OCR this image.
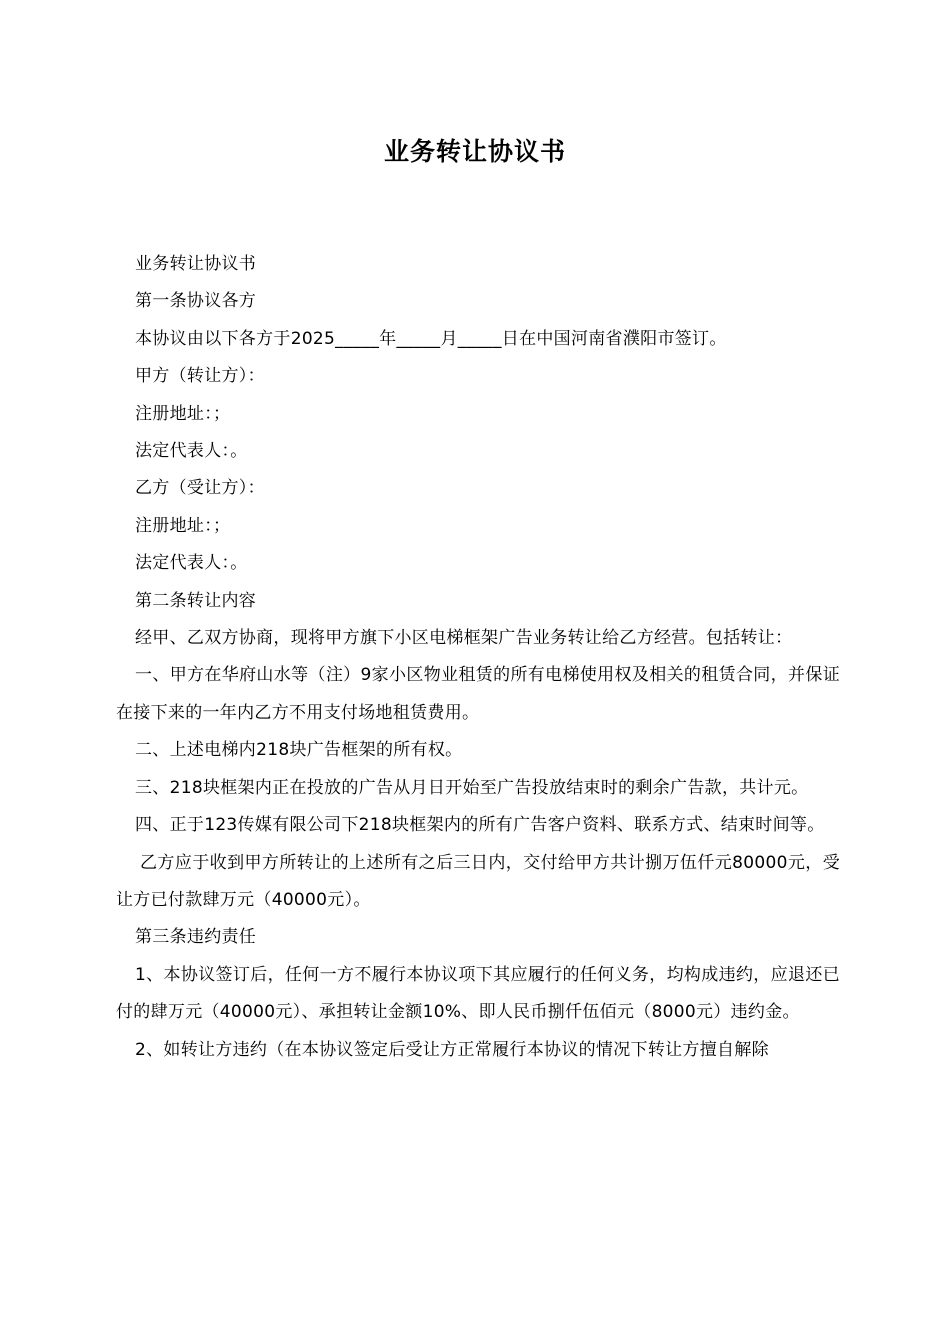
业务转让协议书

业务转让协议书

第一条协议各方

本协议由以下各方于2025_____年_____月_____日在中国河南省濮阳市签订。

甲方（转让方）：

注册地址：；

法定代表人：。

乙方（受让方）：

注册地址：；

法定代表人：。

第二条转让内容

经甲、乙双方协商，现将甲方旗下小区电梯框架广告业务转让给乙方经营。包括转让：

一、甲方在华府山水等（注）9家小区物业租赁的所有电梯使用权及相关的租赁合同，并保证在接下来的一年内乙方不用支付场地租赁费用。

二、上述电梯内218块广告框架的所有权。

三、218块框架内正在投放的广告从月日开始至广告投放结束时的剩余广告款，共计元。

四、正于123传媒有限公司下218块框架内的所有广告客户资料、联系方式、结束时间等。

乙方应于收到甲方所转让的上述所有之后三日内，交付给甲方共计捌万伍仟元80000元，受让方已付款肆万元（40000元）。

第三条违约责任

1、本协议签订后，任何一方不履行本协议项下其应履行的任何义务，均构成违约，应退还已付的肆万元（40000元）、承担转让金额10%、即人民币捌仟伍佰元（8000元）违约金。

2、如转让方违约（在本协议签定后受让方正常履行本协议的情况下转让方擅自解除
